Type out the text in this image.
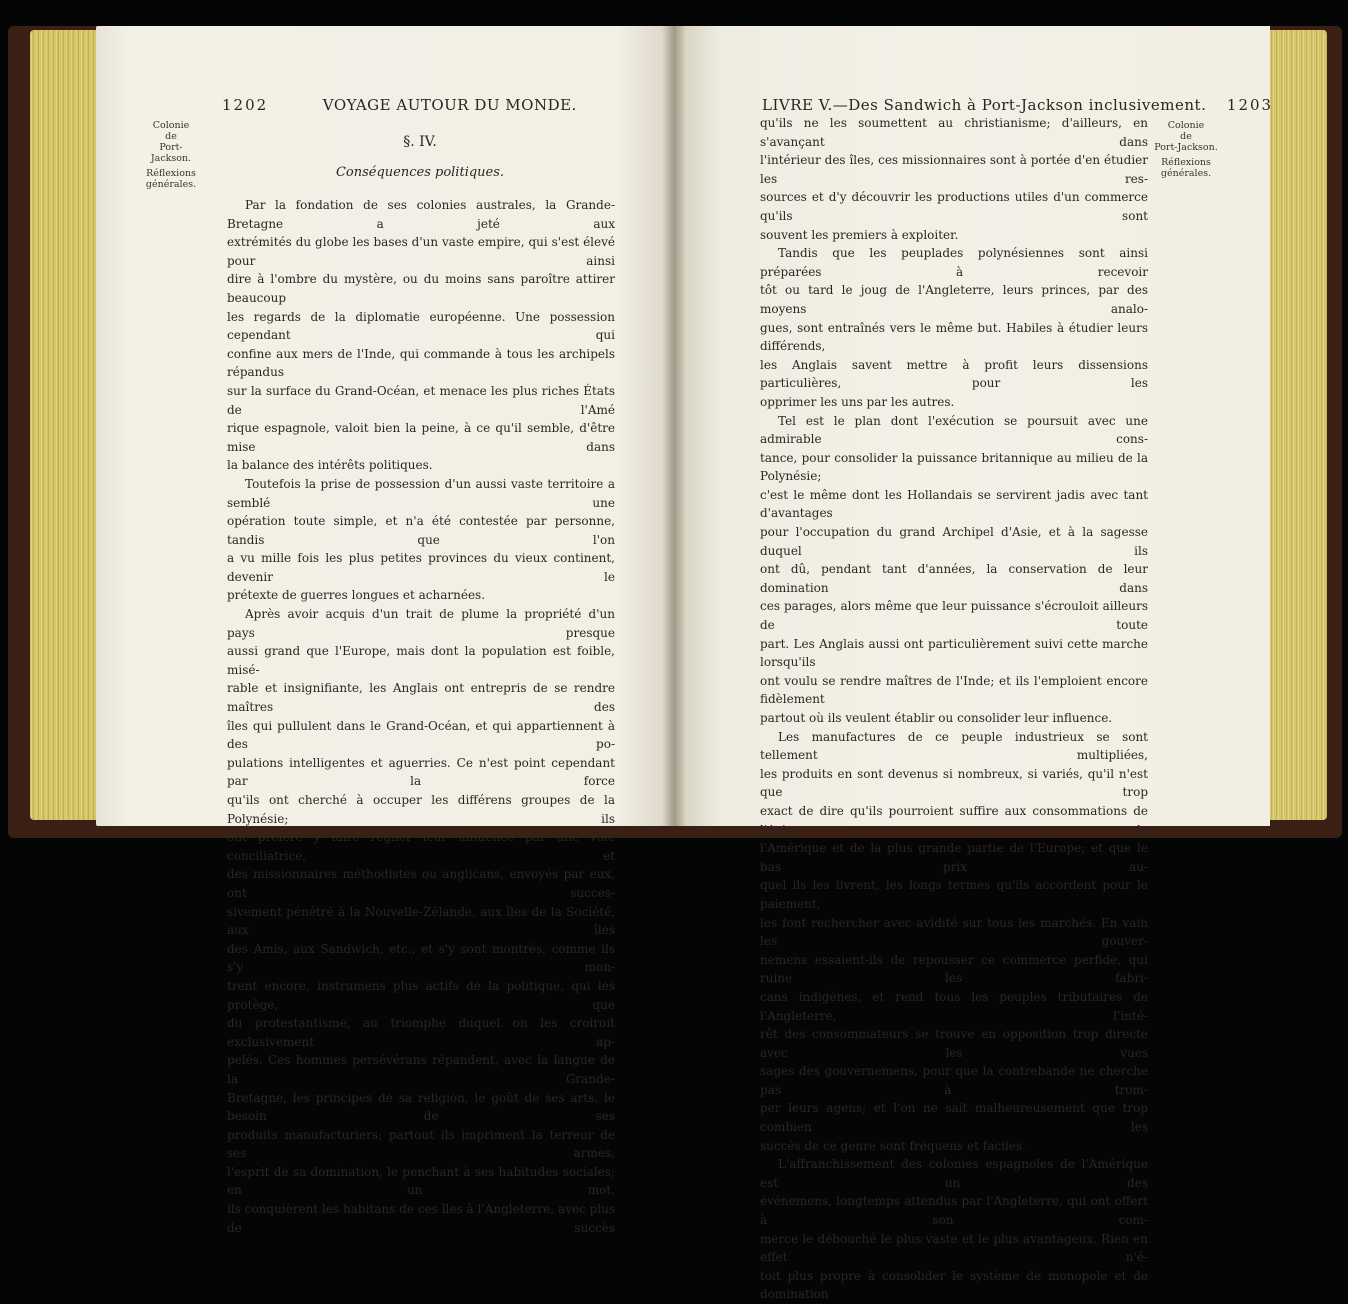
1202	VOYAGE AUTOUR DU MONDE.
Colonie
de
Port-Jackson.
Réflexions
générales.
§. IV.
Conséquences politiques.

Par la fondation de ses colonies australes, la Grande-Bretagne a jeté aux

extrémités du globe les bases d'un vaste empire, qui s'est élevé pour ainsi

dire à l'ombre du mystère, ou du moins sans paroître attirer beaucoup

les regards de la diplomatie européenne. Une possession cependant qui

confine aux mers de l'Inde, qui commande à tous les archipels répandus

sur la surface du Grand-Océan, et menace les plus riches États de l'Amé

rique espagnole, valoit bien la peine, à ce qu'il semble, d'être mise dans

la balance des intérêts politiques.

Toutefois la prise de possession d'un aussi vaste territoire a semblé une

opération toute simple, et n'a été contestée par personne, tandis que l'on

a vu mille fois les plus petites provinces du vieux continent, devenir le

prétexte de guerres longues et acharnées.

Après avoir acquis d'un trait de plume la propriété d'un pays presque

aussi grand que l'Europe, mais dont la population est foible, misé-

rable et insignifiante, les Anglais ont entrepris de se rendre maîtres des

îles qui pullulent dans le Grand-Océan, et qui appartiennent à des po-

pulations intelligentes et aguerries. Ce n'est point cependant par la force

qu'ils ont cherché à occuper les différens groupes de la Polynésie; ils

ont préféré y faire régner leur influence par une voie conciliatrice, et

des missionnaires méthodistes ou anglicans, envoyés par eux, ont succes-

sivement pénétré à la Nouvelle-Zélande, aux îles de la Société, aux îles

des Amis, aux Sandwich, etc., et s'y sont montrés, comme ils s'y mon-

trent encore, instrumens plus actifs de la politique, qui les protège, que

du protestantisme, au triomphe duquel on les croiroit exclusivement ap-

pelés. Ces hommes persévérans répandent, avec la langue de la Grande-

Bretagne, les principes de sa religion, le goût de ses arts, le besoin de ses

produits manufacturiers; partout ils impriment la terreur de ses armes,

l'esprit de sa domination, le penchant à ses habitudes sociales; en un mot,

ils conquièrent les habitans de ces îles à l'Angleterre, avec plus de succès

LIVRE V.—Des Sandwich à Port-Jackson inclusivement. 1203
Colonie
de
Port-Jackson.
Réflexions
générales.

qu'ils ne les soumettent au christianisme; d'ailleurs, en s'avançant dans

l'intérieur des îles, ces missionnaires sont à portée d'en étudier les res-

sources et d'y découvrir les productions utiles d'un commerce qu'ils sont

souvent les premiers à exploiter.

Tandis que les peuplades polynésiennes sont ainsi préparées à recevoir

tôt ou tard le joug de l'Angleterre, leurs princes, par des moyens analo-

gues, sont entraînés vers le même but. Habiles à étudier leurs différends,

les Anglais savent mettre à profit leurs dissensions particulières, pour les

opprimer les uns par les autres.

Tel est le plan dont l'exécution se poursuit avec une admirable cons-

tance, pour consolider la puissance britannique au milieu de la Polynésie;

c'est le même dont les Hollandais se servirent jadis avec tant d'avantages

pour l'occupation du grand Archipel d'Asie, et à la sagesse duquel ils

ont dû, pendant tant d'années, la conservation de leur domination dans

ces parages, alors même que leur puissance s'écrouloit ailleurs de toute

part. Les Anglais aussi ont particulièrement suivi cette marche lorsqu'ils

ont voulu se rendre maîtres de l'Inde; et ils l'emploient encore fidèlement

partout où ils veulent établir ou consolider leur influence.

Les manufactures de ce peuple industrieux se sont tellement multipliées,

les produits en sont devenus si nombreux, si variés, qu'il n'est que trop

exact de dire qu'ils pourroient suffire aux consommations de l'Asie, de

l'Amérique et de la plus grande partie de l'Europe; et que le bas prix au-

quel ils les livrent, les longs termes qu'ils accordent pour le paiement,

les font rechercher avec avidité sur tous les marchés. En vain les gouver-

nemens essaient-ils de repousser ce commerce perfide, qui ruine les fabri-

cans indigènes, et rend tous les peuples tributaires de l'Angleterre, l'inté-

rêt des consommateurs se trouve en opposition trop directe avec les vues

sages des gouvernemens, pour que la contrebande ne cherche pas à trom-

per leurs agens; et l'on ne sait malheureusement que trop combien les

succès de ce genre sont fréquens et faciles.

L'affranchissement des colonies espagnoles de l'Amérique est un des

événemens, longtemps attendus par l'Angleterre, qui ont offert à son com-

merce le débouché le plus vaste et le plus avantageux. Rien en effet n'é-

toit plus propre à consolider le système de monopole et de domination
